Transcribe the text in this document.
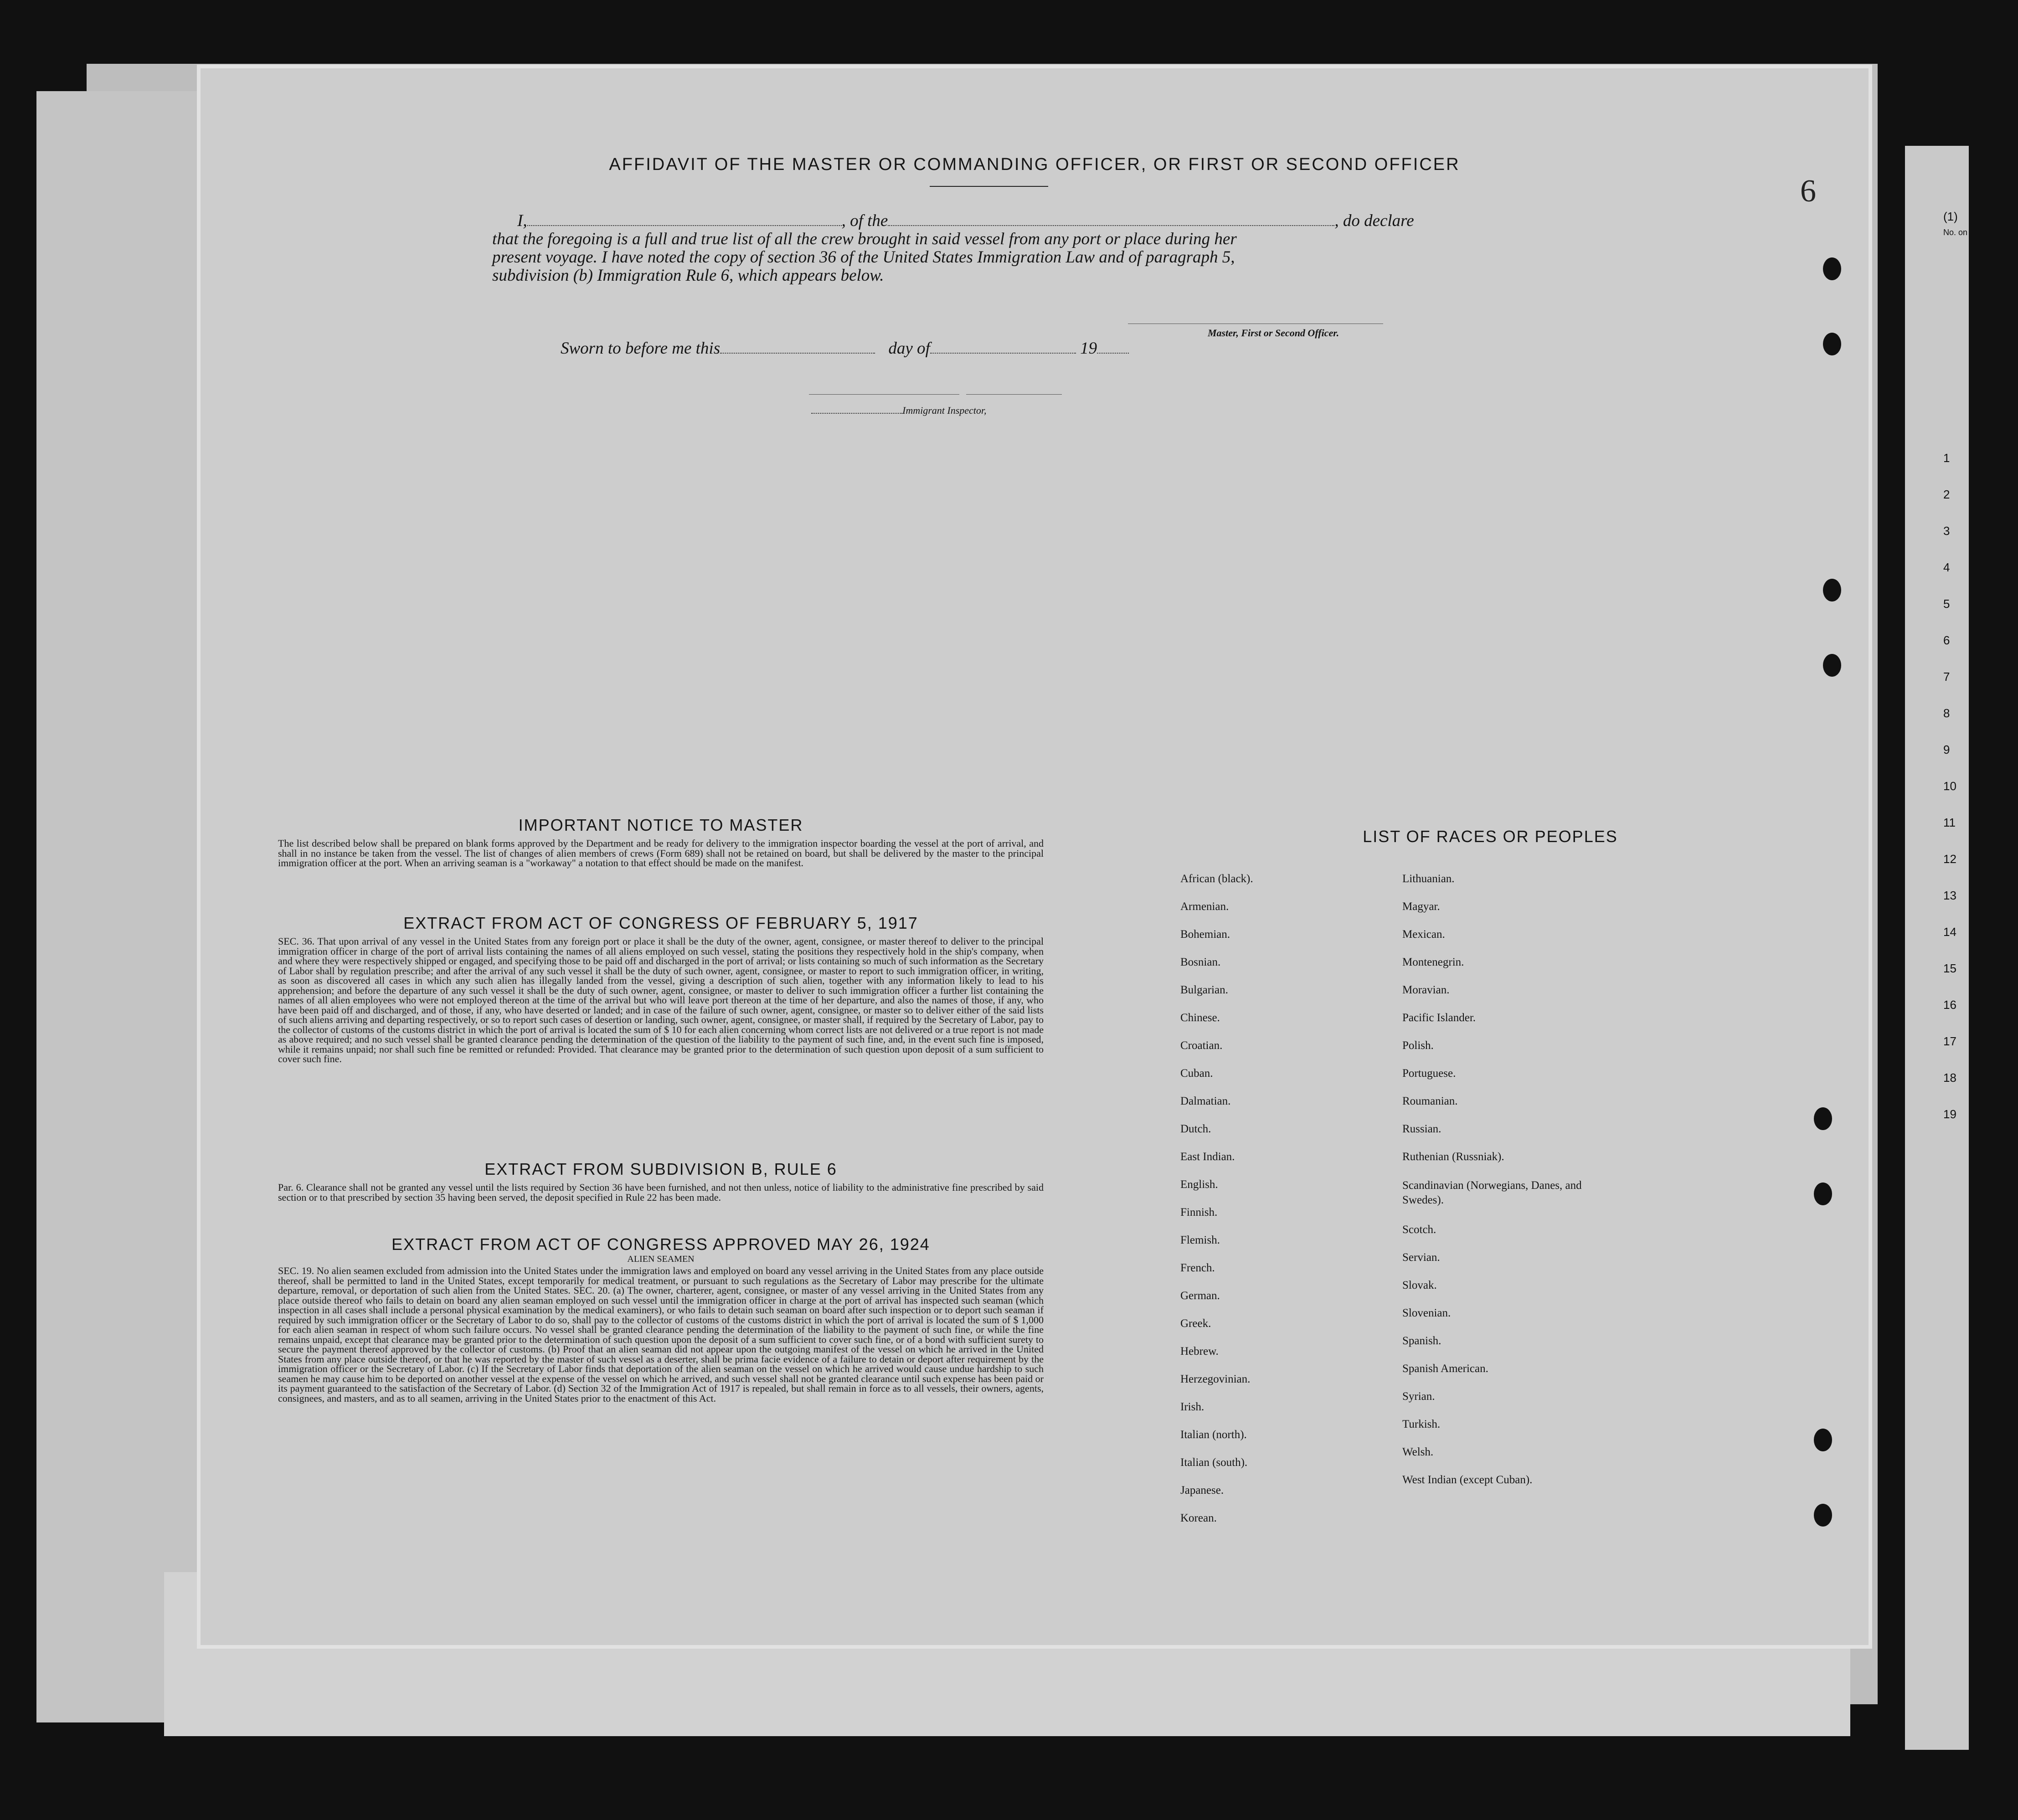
(1)
No. on
1
2
3
4
5
6
7
8
9
10
11
12
13
14
15
16
17
18
19
6
AFFIDAVIT OF THE MASTER OR COMMANDING OFFICER, OR FIRST OR SECOND OFFICER
I,	, of the	, do declare
that the foregoing is a full and true list of all the crew brought in said vessel from any port or place during her
present voyage. I have noted the copy of section 36 of the United States Immigration Law and of paragraph 5,
subdivision (b) Immigration Rule 6, which appears below.
Master, First or Second Officer.
Sworn to before me this	day of	19
Immigrant Inspector,
IMPORTANT NOTICE TO MASTER
The list described below shall be prepared on blank forms approved by the Department and be ready for delivery to the immigration inspector boarding the vessel at the port of arrival, and shall in no instance be taken from the vessel. The list of changes of alien members of crews (Form 689) shall not be retained on board, but shall be delivered by the master to the principal immigration officer at the port. When an arriving seaman is a "workaway" a notation to that effect should be made on the manifest.
EXTRACT FROM ACT OF CONGRESS OF FEBRUARY 5, 1917
SEC. 36. That upon arrival of any vessel in the United States from any foreign port or place it shall be the duty of the owner, agent, consignee, or master thereof to deliver to the principal immigration officer in charge of the port of arrival lists containing the names of all aliens employed on such vessel, stating the positions they respectively hold in the ship's company, when and where they were respectively shipped or engaged, and specifying those to be paid off and discharged in the port of arrival; or lists containing so much of such information as the Secretary of Labor shall by regulation prescribe; and after the arrival of any such vessel it shall be the duty of such owner, agent, consignee, or master to report to such immigration officer, in writing, as soon as discovered all cases in which any such alien has illegally landed from the vessel, giving a description of such alien, together with any information likely to lead to his apprehension; and before the departure of any such vessel it shall be the duty of such owner, agent, consignee, or master to deliver to such immigration officer a further list containing the names of all alien employees who were not employed thereon at the time of the arrival but who will leave port thereon at the time of her departure, and also the names of those, if any, who have been paid off and discharged, and of those, if any, who have deserted or landed; and in case of the failure of such owner, agent, consignee, or master so to deliver either of the said lists of such aliens arriving and departing respectively, or so to report such cases of desertion or landing, such owner, agent, consignee, or master shall, if required by the Secretary of Labor, pay to the collector of customs of the customs district in which the port of arrival is located the sum of $ 10 for each alien concerning whom correct lists are not delivered or a true report is not made as above required; and no such vessel shall be granted clearance pending the determination of the question of the liability to the payment of such fine, and, in the event such fine is imposed, while it remains unpaid; nor shall such fine be remitted or refunded: Provided. That clearance may be granted prior to the determination of such question upon deposit of a sum sufficient to cover such fine.
EXTRACT FROM SUBDIVISION B, RULE 6
Par. 6. Clearance shall not be granted any vessel until the lists required by Section 36 have been furnished, and not then unless, notice of liability to the administrative fine prescribed by said section or to that prescribed by section 35 having been served, the deposit specified in Rule 22 has been made.
EXTRACT FROM ACT OF CONGRESS APPROVED MAY 26, 1924
ALIEN SEAMEN
SEC. 19. No alien seamen excluded from admission into the United States under the immigration laws and employed on board any vessel arriving in the United States from any place outside thereof, shall be permitted to land in the United States, except temporarily for medical treatment, or pursuant to such regulations as the Secretary of Labor may prescribe for the ultimate departure, removal, or deportation of such alien from the United States. SEC. 20. (a) The owner, charterer, agent, consignee, or master of any vessel arriving in the United States from any place outside thereof who fails to detain on board any alien seaman employed on such vessel until the immigration officer in charge at the port of arrival has inspected such seaman (which inspection in all cases shall include a personal physical examination by the medical examiners), or who fails to detain such seaman on board after such inspection or to deport such seaman if required by such immigration officer or the Secretary of Labor to do so, shall pay to the collector of customs of the customs district in which the port of arrival is located the sum of $ 1,000 for each alien seaman in respect of whom such failure occurs. No vessel shall be granted clearance pending the determination of the liability to the payment of such fine, or while the fine remains unpaid, except that clearance may be granted prior to the determination of such question upon the deposit of a sum sufficient to cover such fine, or of a bond with sufficient surety to secure the payment thereof approved by the collector of customs. (b) Proof that an alien seaman did not appear upon the outgoing manifest of the vessel on which he arrived in the United States from any place outside thereof, or that he was reported by the master of such vessel as a deserter, shall be prima facie evidence of a failure to detain or deport after requirement by the immigration officer or the Secretary of Labor. (c) If the Secretary of Labor finds that deportation of the alien seaman on the vessel on which he arrived would cause undue hardship to such seamen he may cause him to be deported on another vessel at the expense of the vessel on which he arrived, and such vessel shall not be granted clearance until such expense has been paid or its payment guaranteed to the satisfaction of the Secretary of Labor. (d) Section 32 of the Immigration Act of 1917 is repealed, but shall remain in force as to all vessels, their owners, agents, consignees, and masters, and as to all seamen, arriving in the United States prior to the enactment of this Act.
LIST OF RACES OR PEOPLES
African (black).
Armenian.
Bohemian.
Bosnian.
Bulgarian.
Chinese.
Croatian.
Cuban.
Dalmatian.
Dutch.
East Indian.
English.
Finnish.
Flemish.
French.
German.
Greek.
Hebrew.
Herzegovinian.
Irish.
Italian (north).
Italian (south).
Japanese.
Korean.
Lithuanian.
Magyar.
Mexican.
Montenegrin.
Moravian.
Pacific Islander.
Polish.
Portuguese.
Roumanian.
Russian.
Ruthenian (Russniak).
Scandinavian (Norwegians, Danes, and Swedes).
Scotch.
Servian.
Slovak.
Slovenian.
Spanish.
Spanish American.
Syrian.
Turkish.
Welsh.
West Indian (except Cuban).
